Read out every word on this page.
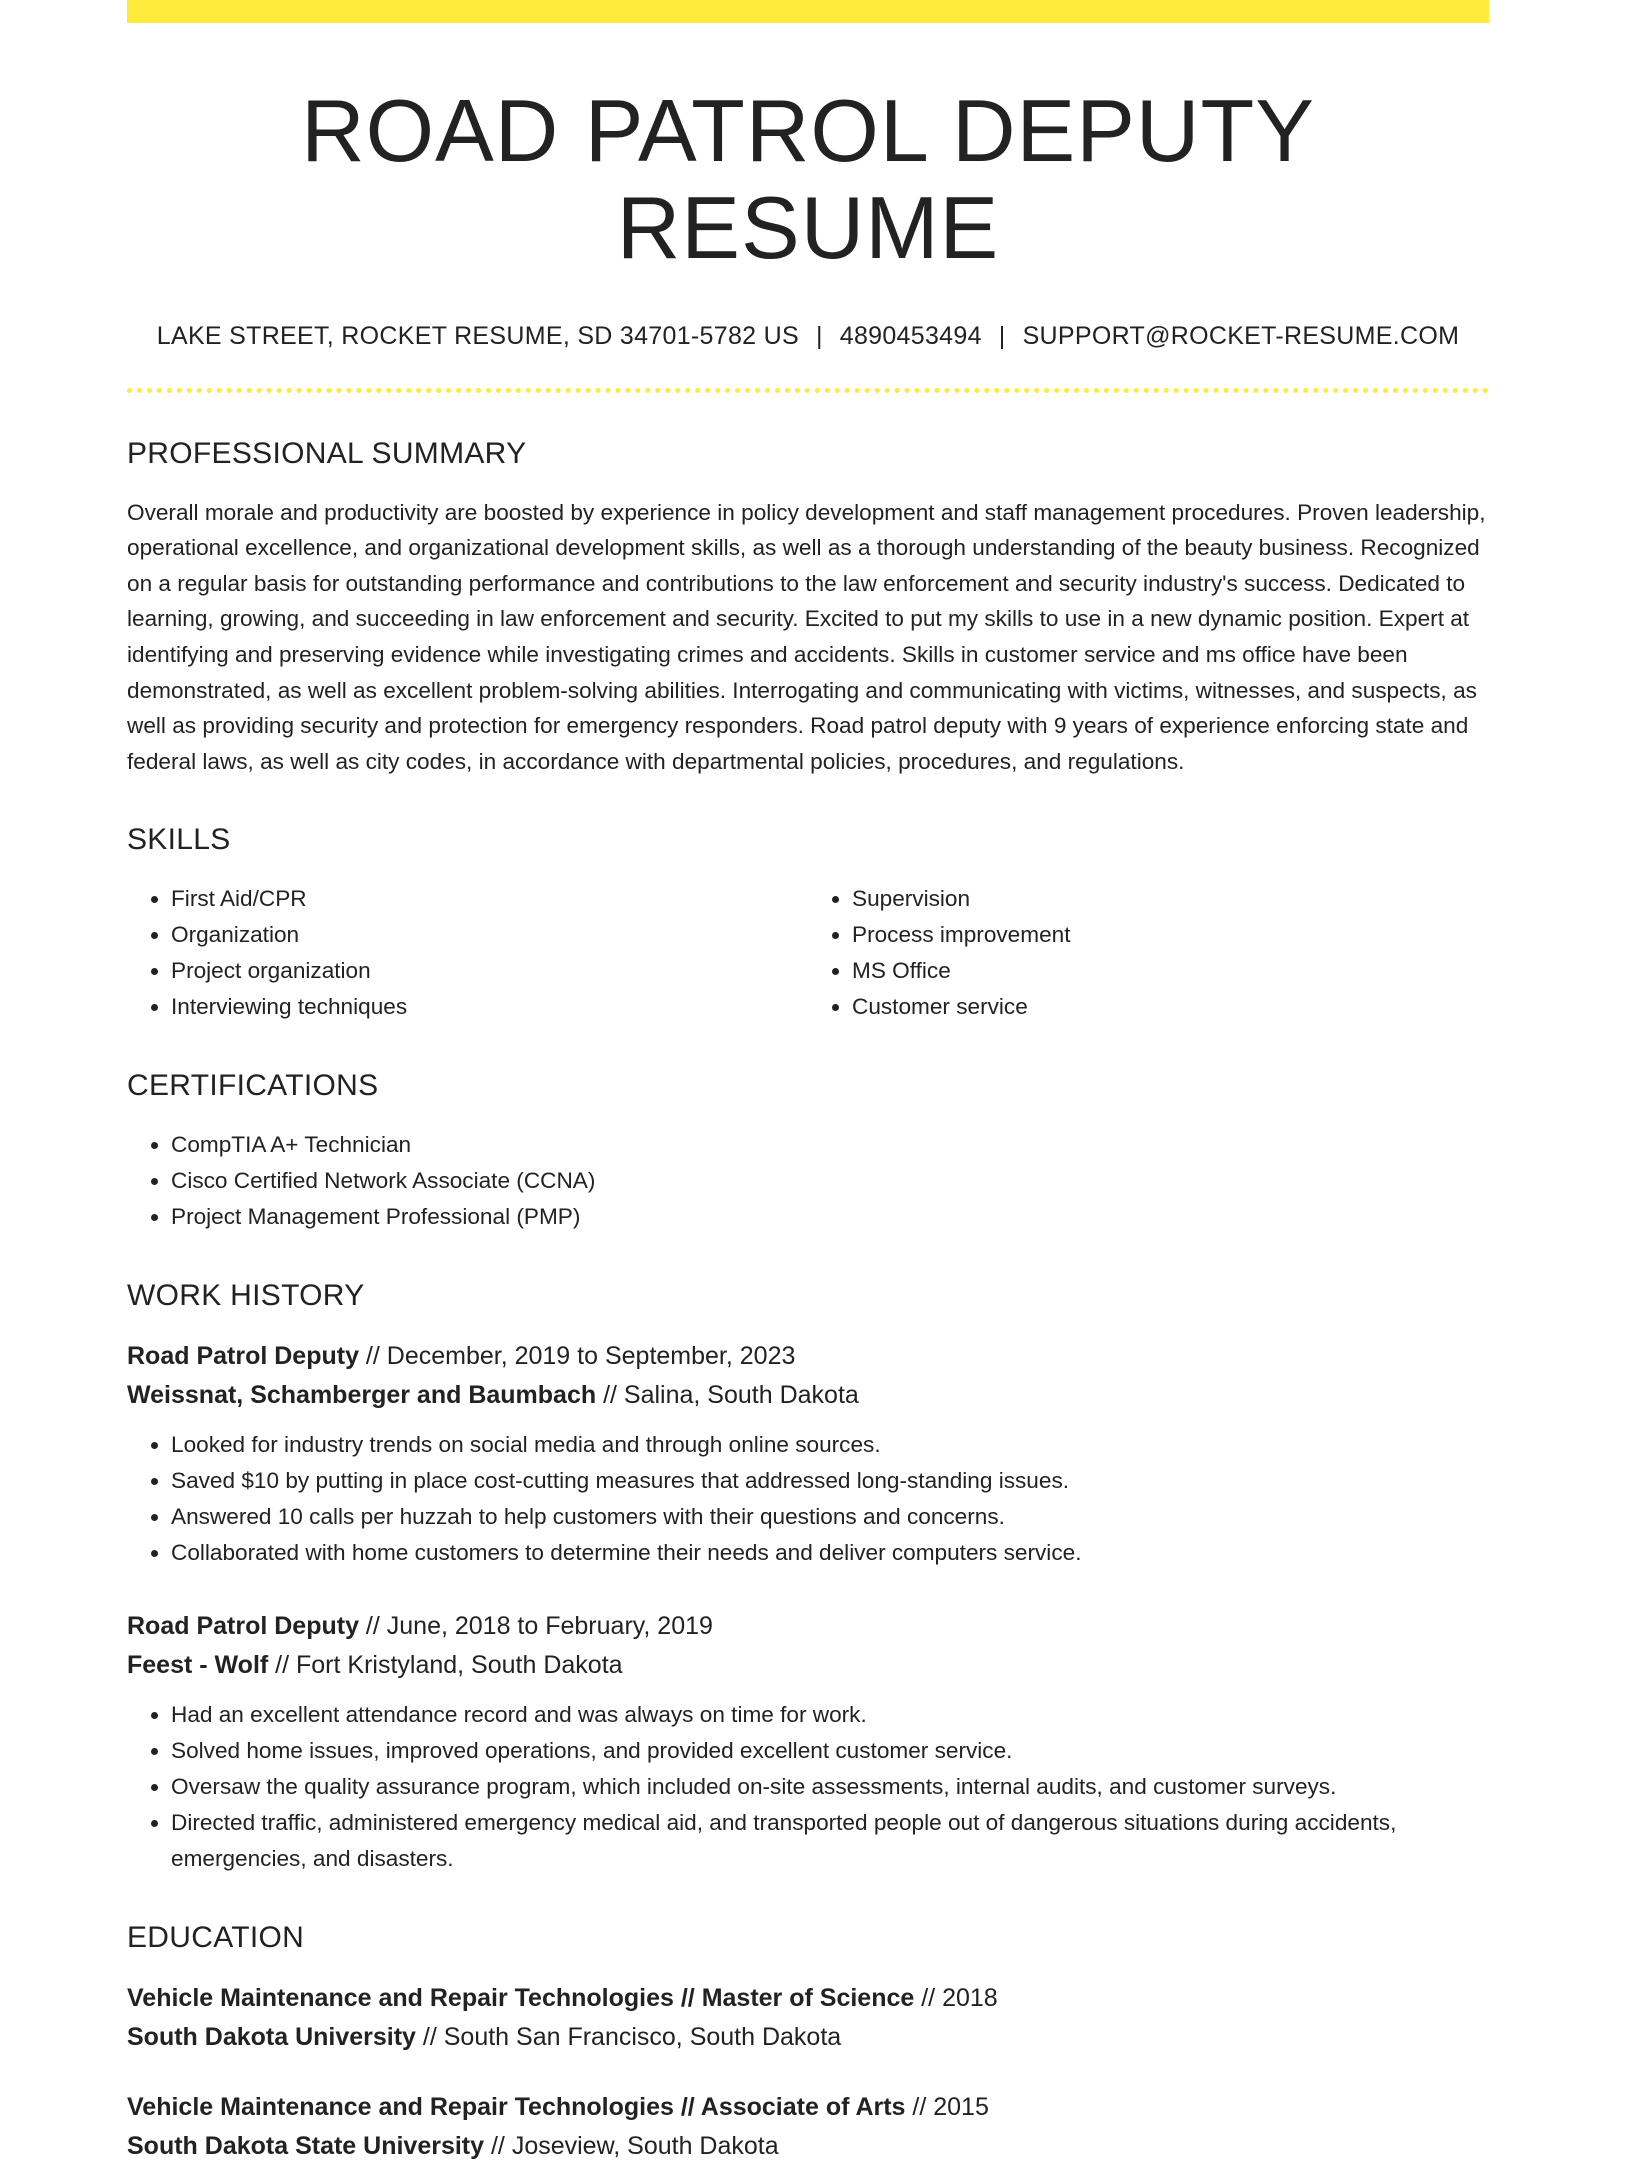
ROAD PATROL DEPUTY RESUME
LAKE STREET, ROCKET RESUME, SD 34701-5782 US | 4890453494 | SUPPORT@ROCKET-RESUME.COM
PROFESSIONAL SUMMARY

Overall morale and productivity are boosted by experience in policy development and staff management procedures. Proven leadership, operational excellence, and organizational development skills, as well as a thorough understanding of the beauty business. Recognized on a regular basis for outstanding performance and contributions to the law enforcement and security industry's success. Dedicated to learning, growing, and succeeding in law enforcement and security. Excited to put my skills to use in a new dynamic position. Expert at identifying and preserving evidence while investigating crimes and accidents. Skills in customer service and ms office have been demonstrated, as well as excellent problem-solving abilities. Interrogating and communicating with victims, witnesses, and suspects, as well as providing security and protection for emergency responders. Road patrol deputy with 9 years of experience enforcing state and federal laws, as well as city codes, in accordance with departmental policies, procedures, and regulations.

SKILLS
• First Aid/CPR
• Organization
• Project organization
• Interviewing techniques
• Supervision
• Process improvement
• MS Office
• Customer service
CERTIFICATIONS
• CompTIA A+ Technician
• Cisco Certified Network Associate (CCNA)
• Project Management Professional (PMP)
WORK HISTORY
Road Patrol Deputy // December, 2019 to September, 2023
Weissnat, Schamberger and Baumbach // Salina, South Dakota
• Looked for industry trends on social media and through online sources.
• Saved $10 by putting in place cost-cutting measures that addressed long-standing issues.
• Answered 10 calls per huzzah to help customers with their questions and concerns.
• Collaborated with home customers to determine their needs and deliver computers service.
Road Patrol Deputy // June, 2018 to February, 2019
Feest - Wolf // Fort Kristyland, South Dakota
• Had an excellent attendance record and was always on time for work.
• Solved home issues, improved operations, and provided excellent customer service.
• Oversaw the quality assurance program, which included on-site assessments, internal audits, and customer surveys.
• Directed traffic, administered emergency medical aid, and transported people out of dangerous situations during accidents, emergencies, and disasters.
EDUCATION
Vehicle Maintenance and Repair Technologies // Master of Science // 2018
South Dakota University // South San Francisco, South Dakota
Vehicle Maintenance and Repair Technologies // Associate of Arts // 2015
South Dakota State University // Joseview, South Dakota
